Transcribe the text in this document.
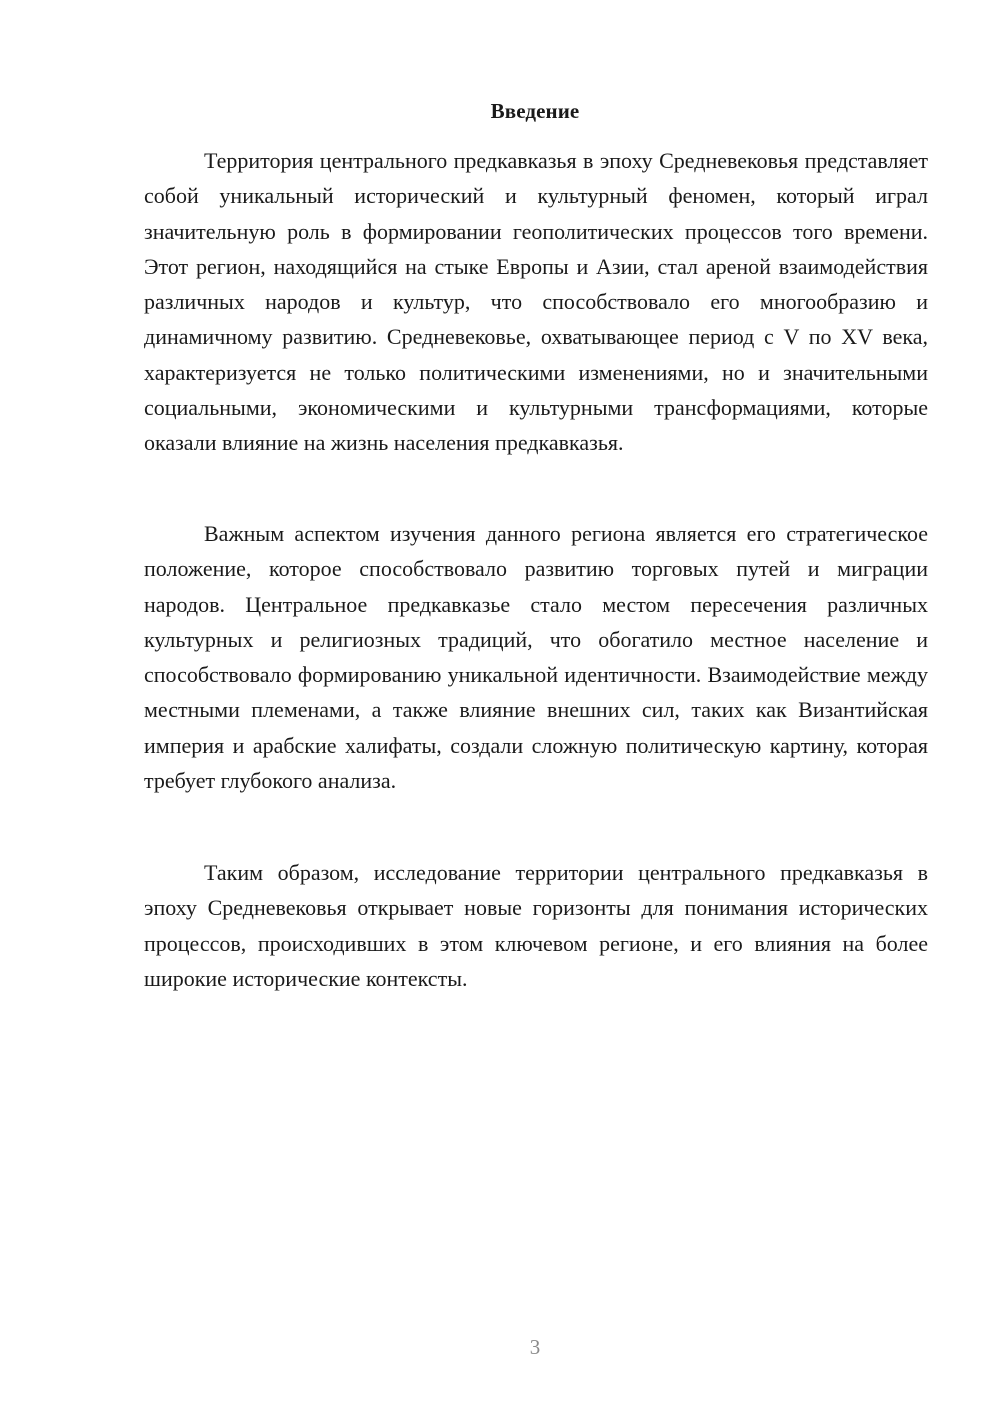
Введение

Территория центрального предкавказья в эпоху Средневековья представляет собой уникальный исторический и культурный феномен, который играл значительную роль в формировании геополитических процессов того времени. Этот регион, находящийся на стыке Европы и Азии, стал ареной взаимодействия различных народов и культур, что способствовало его многообразию и динамичному развитию. Средневековье, охватывающее период с V по XV века, характеризуется не только политическими изменениями, но и значительными социальными, экономическими и культурными трансформациями, которые оказали влияние на жизнь населения предкавказья.

Важным аспектом изучения данного региона является его стратегическое положение, которое способствовало развитию торговых путей и миграции народов. Центральное предкавказье стало местом пересечения различных культурных и религиозных традиций, что обогатило местное население и способствовало формированию уникальной идентичности. Взаимодействие между местными племенами, а также влияние внешних сил, таких как Византийская империя и арабские халифаты, создали сложную политическую картину, которая требует глубокого анализа.

Таким образом, исследование территории центрального предкавказья в эпоху Средневековья открывает новые горизонты для понимания исторических процессов, происходивших в этом ключевом регионе, и его влияния на более широкие исторические контексты.

3
